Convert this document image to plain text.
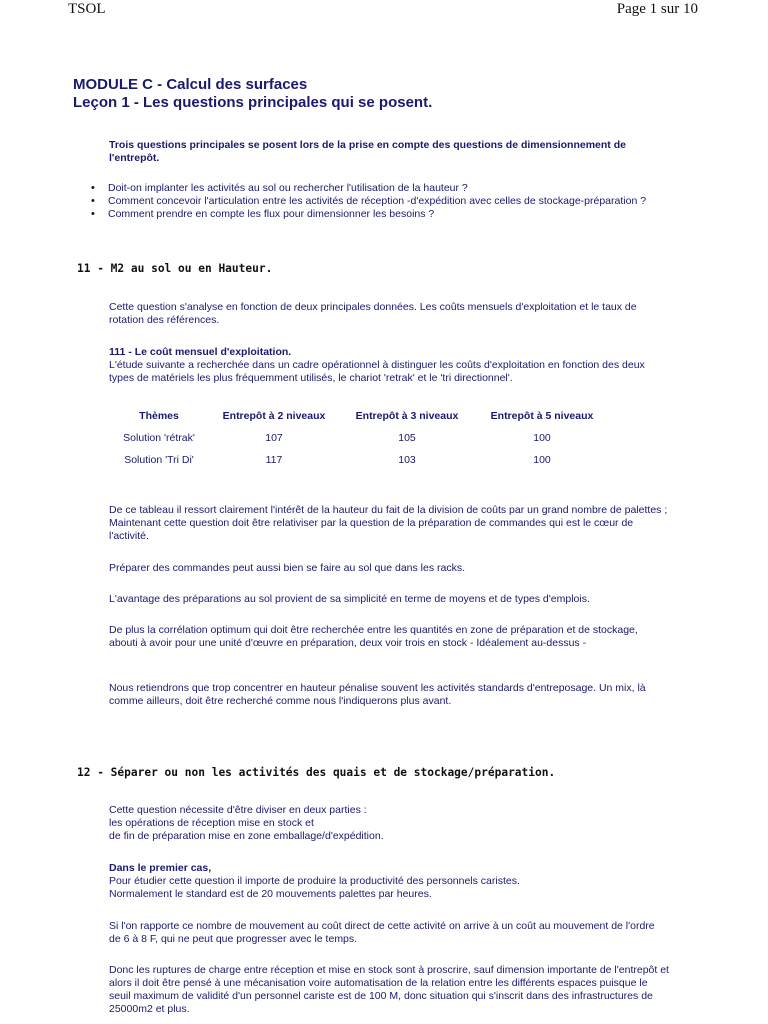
TSOL	Page 1 sur 10
MODULE C - Calcul des surfaces
Leçon 1 - Les questions principales qui se posent.

Trois questions principales se posent lors de la prise en compte des questions de dimensionnement de l'entrepôt.

• Doit-on implanter les activités au sol ou rechercher l'utilisation de la hauteur ?
• Comment concevoir l'articulation entre les activités de réception -d'expédition avec celles de stockage-préparation ?
• Comment prendre en compte les flux pour dimensionner les besoins ?
11 - M2 au sol ou en Hauteur.

Cette question s'analyse en fonction de deux principales données. Les coûts mensuels d'exploitation et le taux de rotation des références.

111 - Le coût mensuel d'exploitation.

L'étude suivante a recherchée dans un cadre opérationnel à distinguer les coûts d'exploitation en fonction des deux types de matériels les plus fréquemment utilisés, le chariot 'retrak' et le 'tri directionnel'.

Thèmes	Entrepôt à 2 niveaux	Entrepôt à 3 niveaux	Entrepôt à 5 niveaux
Solution 'rétrak'	107	105	100
Solution 'Tri Di'	117	103	100

De ce tableau il ressort clairement l'intérêt de la hauteur du fait de la division de coûts par un grand nombre de palettes ; Maintenant cette question doit être relativiser par la question de la préparation de commandes qui est le cœur de l'activité.

Préparer des commandes peut aussi bien se faire au sol que dans les racks.

L'avantage des préparations au sol provient de sa simplicité en terme de moyens et de types d'emplois.

De plus la corrélation optimum qui doit être recherchée entre les quantités en zone de préparation et de stockage, abouti à avoir pour une unité d'œuvre en préparation, deux voir trois en stock - Idéalement au-dessus -

Nous retiendrons que trop concentrer en hauteur pénalise souvent les activités standards d'entreposage. Un mix, là comme ailleurs, doit être recherché comme nous l'indiquerons plus avant.

12 - Séparer ou non les activités des quais et de stockage/préparation.
Cette question nécessite d'être diviser en deux parties :
les opérations de réception mise en stock et
de fin de préparation mise en zone emballage/d'expédition.
Dans le premier cas,
Pour étudier cette question il importe de produire la productivité des personnels caristes.
Normalement le standard est de 20 mouvements palettes par heures.

Si l'on rapporte ce nombre de mouvement au coût direct de cette activité on arrive à un coût au mouvement de l'ordre de 6 à 8 F, qui ne peut que progresser avec le temps.

Donc les ruptures de charge entre réception et mise en stock sont à proscrire, sauf dimension importante de l'entrepôt et alors il doit être pensé à une mécanisation voire automatisation de la relation entre les différents espaces puisque le seuil maximum de validité d'un personnel cariste est de 100 M, donc situation qui s'inscrit dans des infrastructures de 25000m2 et plus.
